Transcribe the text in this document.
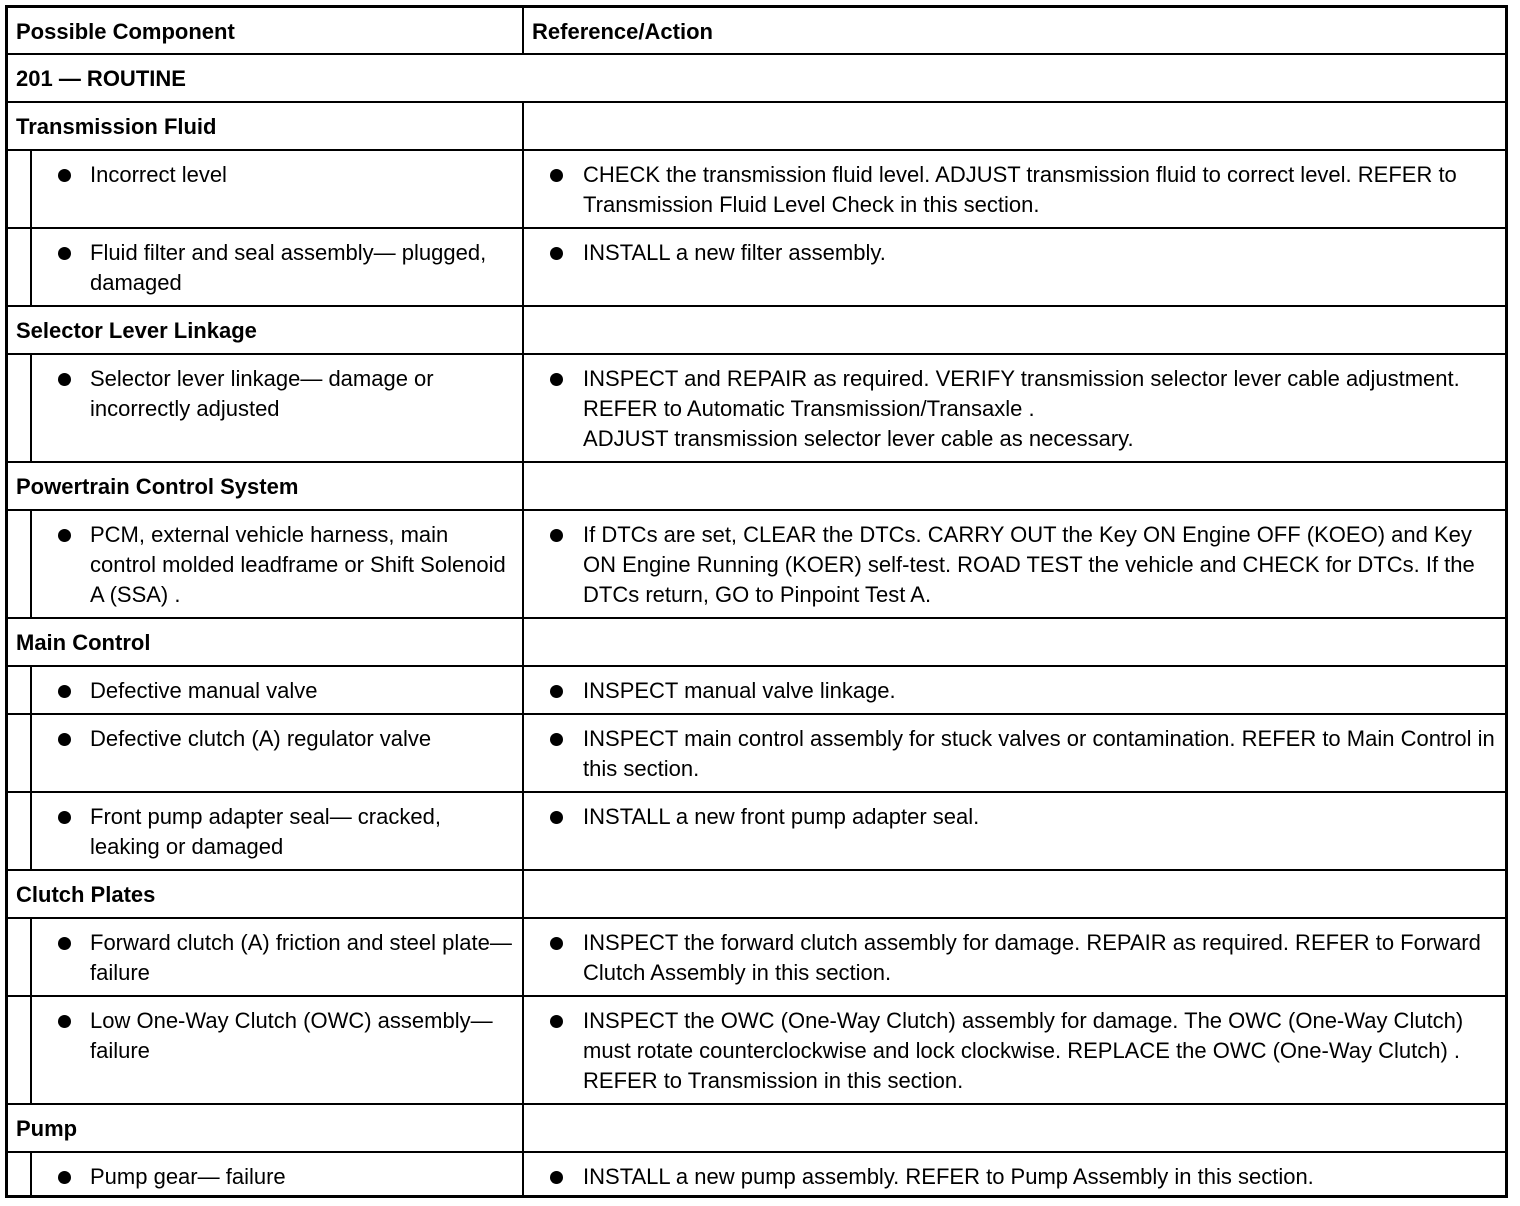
Possible Component		Reference/Action
201 — ROUTINE		
Transmission Fluid		

	Incorrect level	CHECK the transmission fluid level. ADJUST transmission fluid to correct level. REFER to Transmission Fluid Level Check in this section.

	Fluid filter and seal assembly— plugged, damaged	INSTALL a new filter assembly.

Selector Lever Linkage		

	Selector lever linkage— damage or incorrectly adjusted	INSPECT and REPAIR as required. VERIFY transmission selector lever cable adjustment. REFER to Automatic Transmission/Transaxle .
ADJUST transmission selector lever cable as necessary.

Powertrain Control System		

	PCM, external vehicle harness, main control molded leadframe or Shift Solenoid A (SSA) .	If DTCs are set, CLEAR the DTCs. CARRY OUT the Key ON Engine OFF (KOEO) and Key ON Engine Running (KOER) self-test. ROAD TEST the vehicle and CHECK for DTCs. If the DTCs return, GO to Pinpoint Test A.

Main Control		

	Defective manual valve	INSPECT manual valve linkage.

	Defective clutch (A) regulator valve	INSPECT main control assembly for stuck valves or contamination. REFER to Main Control in this section.

	Front pump adapter seal— cracked, leaking or damaged	INSTALL a new front pump adapter seal.

Clutch Plates		

	Forward clutch (A) friction and steel plate— failure	INSPECT the forward clutch assembly for damage. REPAIR as required. REFER to Forward Clutch Assembly in this section.

	Low One-Way Clutch (OWC) assembly— failure	INSPECT the OWC (One-Way Clutch) assembly for damage. The OWC (One-Way Clutch) must rotate counterclockwise and lock clockwise. REPLACE the OWC (One-Way Clutch) . REFER to Transmission in this section.

Pump		

	Pump gear— failure	INSTALL a new pump assembly. REFER to Pump Assembly in this section.
